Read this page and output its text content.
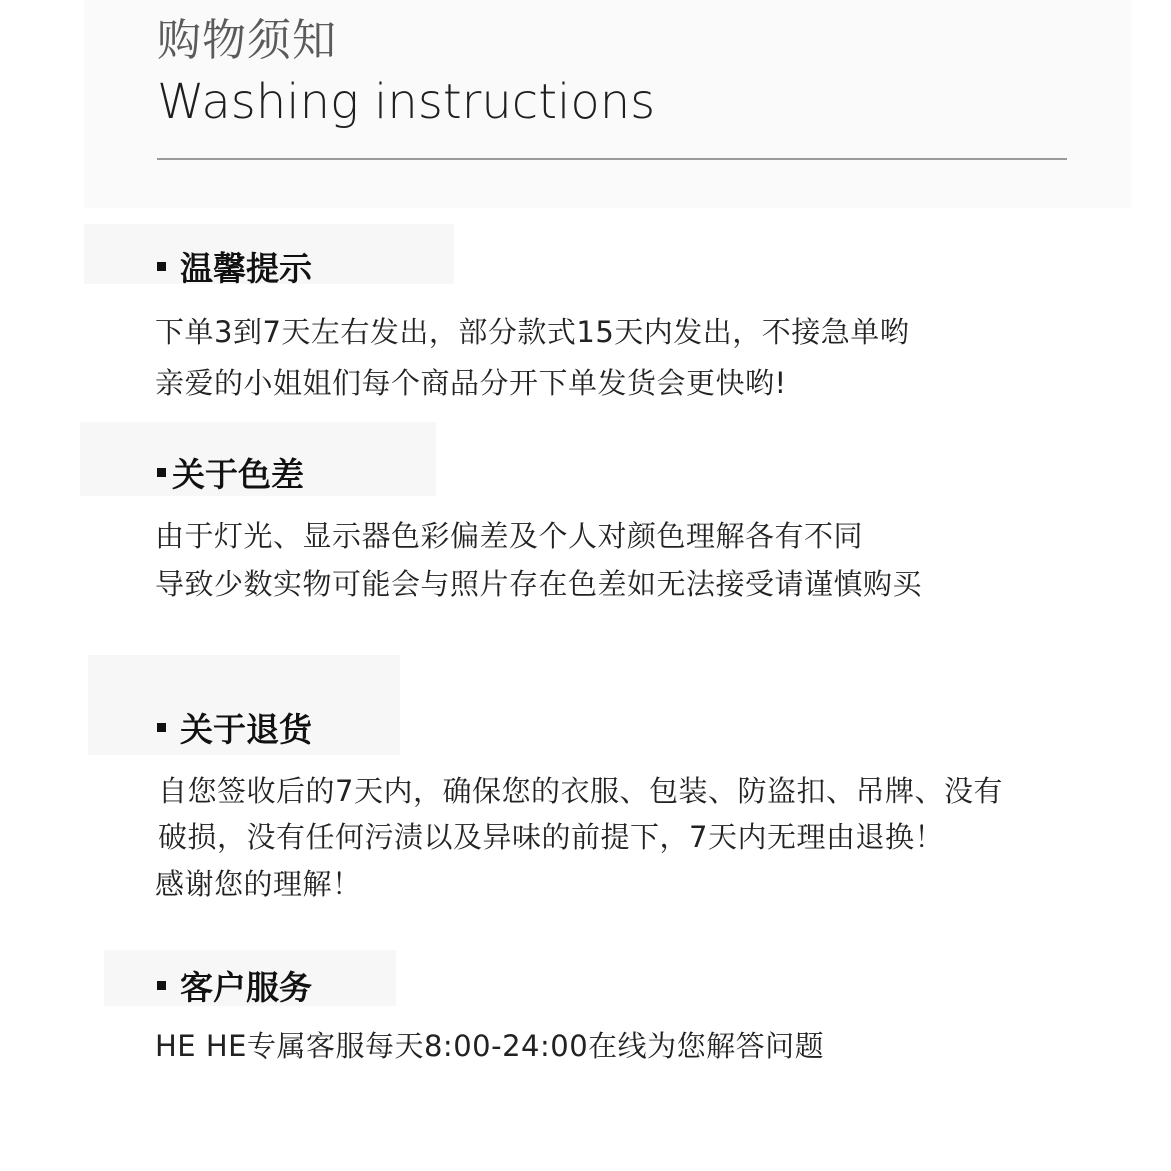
购物须知
Washing instructions
温馨提示
下单3到7天左右发出，部分款式15天内发出，不接急单哟
亲爱的小姐姐们每个商品分开下单发货会更快哟!
关于色差
由于灯光、显示器色彩偏差及个人对颜色理解各有不同
导致少数实物可能会与照片存在色差如无法接受请谨慎购买
关于退货
自您签收后的7天内，确保您的衣服、包装、防盗扣、吊牌、没有
破损，没有任何污渍以及异味的前提下，7天内无理由退换！
感谢您的理解！
客户服务
HE HE专属客服每天8:00-24:00在线为您解答问题
